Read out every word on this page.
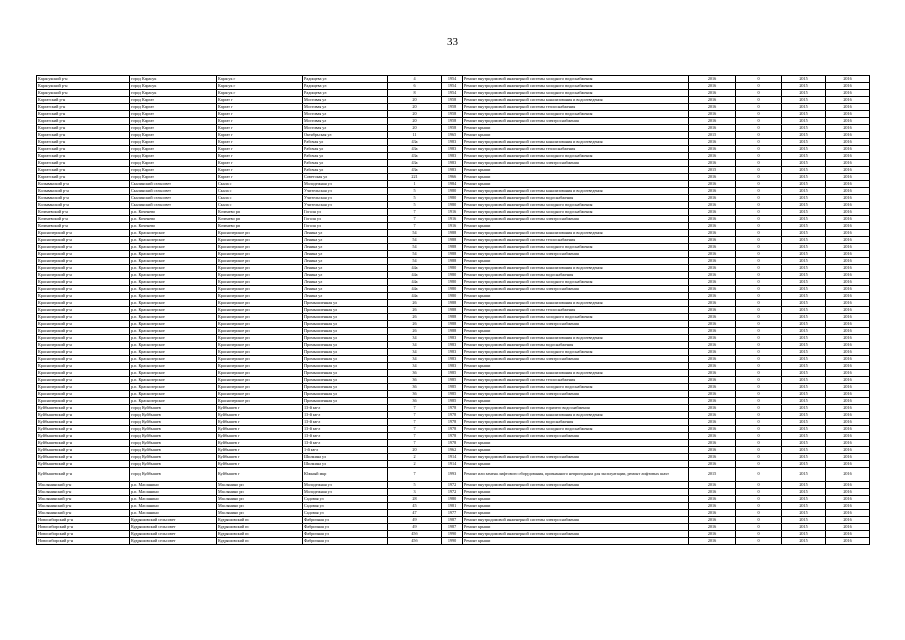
33
Карасукский р-н	город Карасук	Карасук г	Радищева ул	4	1954	Ремонт внутридомовой инженерной системы холодного водоснабжения	2016	0	2015	2016
Карасукский р-н	город Карасук	Карасук г	Радищева ул	6	1954	Ремонт внутридомовой инженерной системы холодного водоснабжения	2016	0	2015	2016
Карасукский р-н	город Карасук	Карасук г	Радищева ул	8	1954	Ремонт внутридомовой инженерной системы холодного водоснабжения	2016	0	2015	2016
Каргатский р-н	город Каргат	Каргат г	Мостовая ул	20	1958	Ремонт внутридомовой инженерной системы канализования и водоотведения	2016	0	2015	2016
Каргатский р-н	город Каргат	Каргат г	Мостовая ул	20	1958	Ремонт внутридомовой инженерной системы теплоснабжения	2016	0	2015	2016
Каргатский р-н	город Каргат	Каргат г	Мостовая ул	20	1958	Ремонт внутридомовой инженерной системы холодного водоснабжения	2016	0	2015	2016
Каргатский р-н	город Каргат	Каргат г	Мостовая ул	20	1958	Ремонт внутридомовой инженерной системы электроснабжения	2016	0	2015	2016
Каргатский р-н	город Каргат	Каргат г	Мостовая ул	20	1958	Ремонт крыши	2016	0	2015	2016
Каргатский р-н	город Каргат	Каргат г	Октябрьская ул	11	1965	Ремонт крыши	2015	0	2015	2016
Каргатский р-н	город Каргат	Каргат г	Рабочая ул	43а	1983	Ремонт внутридомовой инженерной системы канализования и водоотведения	2016	0	2015	2016
Каргатский р-н	город Каргат	Каргат г	Рабочая ул	43а	1983	Ремонт внутридомовой инженерной системы теплоснабжения	2016	0	2015	2016
Каргатский р-н	город Каргат	Каргат г	Рабочая ул	43а	1983	Ремонт внутридомовой инженерной системы холодного водоснабжения	2016	0	2015	2016
Каргатский р-н	город Каргат	Каргат г	Рабочая ул	43а	1983	Ремонт внутридомовой инженерной системы электроснабжения	2016	0	2015	2016
Каргатский р-н	город Каргат	Каргат г	Рабочая ул	43а	1983	Ремонт крыши	2015	0	2015	2016
Каргатский р-н	город Каргат	Каргат г	Советская ул	221	1966	Ремонт крыши	2016	0	2015	2016
Колыванский р-н	Скалинский сельсовет	Скала с	Молодежная ул	1	1984	Ремонт крыши	2016	0	2015	2016
Колыванский р-н	Скалинский сельсовет	Скала с	Учительская ул	5	1980	Ремонт внутридомовой инженерной системы канализования и водоотведения	2016	0	2015	2016
Колыванский р-н	Скалинский сельсовет	Скала с	Учительская ул	5	1980	Ремонт внутридомовой инженерной системы водоснабжения	2016	0	2015	2016
Колыванский р-н	Скалинский сельсовет	Скала с	Учительская ул	5	1980	Ремонт внутридомовой инженерной системы холодного водоснабжения	2016	0	2015	2016
Коченевский р-н	р.п. Коченево	Коченево рп	Гоголя ул	7	1916	Ремонт внутридомовой инженерной системы холодного водоснабжения	2016	0	2015	2016
Коченевский р-н	р.п. Коченево	Коченево рп	Гоголя ул	7	1916	Ремонт внутридомовой инженерной системы электроснабжения	2016	0	2015	2016
Коченевский р-н	р.п. Коченево	Коченево рп	Гоголя ул	7	1916	Ремонт крыши	2016	0	2015	2016
Краснозерский р-н	р.п. Краснозерское	Краснозерское рп	Ленина ул	54	1988	Ремонт внутридомовой инженерной системы канализования и водоотведения	2016	0	2015	2016
Краснозерский р-н	р.п. Краснозерское	Краснозерское рп	Ленина ул	54	1988	Ремонт внутридомовой инженерной системы теплоснабжения	2016	0	2015	2016
Краснозерский р-н	р.п. Краснозерское	Краснозерское рп	Ленина ул	54	1988	Ремонт внутридомовой инженерной системы холодного водоснабжения	2016	0	2015	2016
Краснозерский р-н	р.п. Краснозерское	Краснозерское рп	Ленина ул	54	1988	Ремонт внутридомовой инженерной системы электроснабжения	2016	0	2015	2016
Краснозерский р-н	р.п. Краснозерское	Краснозерское рп	Ленина ул	54	1988	Ремонт крыши	2016	0	2015	2016
Краснозерский р-н	р.п. Краснозерское	Краснозерское рп	Ленина ул	44а	1980	Ремонт внутридомовой инженерной системы канализования и водоотведения	2016	0	2015	2016
Краснозерский р-н	р.п. Краснозерское	Краснозерское рп	Ленина ул	44а	1980	Ремонт внутридомовой инженерной системы водоснабжения	2016	0	2015	2016
Краснозерский р-н	р.п. Краснозерское	Краснозерское рп	Ленина ул	44а	1980	Ремонт внутридомовой инженерной системы холодного водоснабжения	2016	0	2015	2016
Краснозерский р-н	р.п. Краснозерское	Краснозерское рп	Ленина ул	44а	1980	Ремонт внутридомовой инженерной системы электроснабжения	2016	0	2015	2016
Краснозерский р-н	р.п. Краснозерское	Краснозерское рп	Ленина ул	44а	1980	Ремонт крыши	2016	0	2015	2016
Краснозерский р-н	р.п. Краснозерское	Краснозерское рп	Промышленная ул	26	1988	Ремонт внутридомовой инженерной системы канализования и водоотведения	2016	0	2015	2016
Краснозерский р-н	р.п. Краснозерское	Краснозерское рп	Промышленная ул	26	1988	Ремонт внутридомовой инженерной системы теплоснабжения	2016	0	2015	2016
Краснозерский р-н	р.п. Краснозерское	Краснозерское рп	Промышленная ул	26	1988	Ремонт внутридомовой инженерной системы холодного водоснабжения	2016	0	2015	2016
Краснозерский р-н	р.п. Краснозерское	Краснозерское рп	Промышленная ул	26	1988	Ремонт внутридомовой инженерной системы электроснабжения	2016	0	2015	2016
Краснозерский р-н	р.п. Краснозерское	Краснозерское рп	Промышленная ул	26	1988	Ремонт крыши	2016	0	2015	2016
Краснозерский р-н	р.п. Краснозерское	Краснозерское рп	Промышленная ул	34	1983	Ремонт внутридомовой инженерной системы канализования и водоотведения	2016	0	2015	2016
Краснозерский р-н	р.п. Краснозерское	Краснозерское рп	Промышленная ул	34	1983	Ремонт внутридомовой инженерной системы водоснабжения	2016	0	2015	2016
Краснозерский р-н	р.п. Краснозерское	Краснозерское рп	Промышленная ул	34	1983	Ремонт внутридомовой инженерной системы холодного водоснабжения	2016	0	2015	2016
Краснозерский р-н	р.п. Краснозерское	Краснозерское рп	Промышленная ул	34	1983	Ремонт внутридомовой инженерной системы электроснабжения	2016	0	2015	2016
Краснозерский р-н	р.п. Краснозерское	Краснозерское рп	Промышленная ул	34	1983	Ремонт крыши	2016	0	2015	2016
Краснозерский р-н	р.п. Краснозерское	Краснозерское рп	Промышленная ул	36	1985	Ремонт внутридомовой инженерной системы канализования и водоотведения	2016	0	2015	2016
Краснозерский р-н	р.п. Краснозерское	Краснозерское рп	Промышленная ул	36	1985	Ремонт внутридомовой инженерной системы теплоснабжения	2016	0	2015	2016
Краснозерский р-н	р.п. Краснозерское	Краснозерское рп	Промышленная ул	36	1985	Ремонт внутридомовой инженерной системы холодного водоснабжения	2016	0	2015	2016
Краснозерский р-н	р.п. Краснозерское	Краснозерское рп	Промышленная ул	36	1985	Ремонт внутридомовой инженерной системы электроснабжения	2016	0	2015	2016
Краснозерский р-н	р.п. Краснозерское	Краснозерское рп	Промышленная ул	36	1985	Ремонт крыши	2016	0	2015	2016
Куйбышевский р-н	город Куйбышев	Куйбышев г	13-й кв-л	7	1978	Ремонт внутридомовой инженерной системы горячего водоснабжения	2016	0	2015	2016
Куйбышевский р-н	город Куйбышев	Куйбышев г	13-й кв-л	7	1978	Ремонт внутридомовой инженерной системы канализования и водоотведения	2016	0	2015	2016
Куйбышевский р-н	город Куйбышев	Куйбышев г	13-й кв-л	7	1978	Ремонт внутридомовой инженерной системы водоснабжения	2016	0	2015	2016
Куйбышевский р-н	город Куйбышев	Куйбышев г	13-й кв-л	7	1978	Ремонт внутридомовой инженерной системы холодного водоснабжения	2016	0	2015	2016
Куйбышевский р-н	город Куйбышев	Куйбышев г	13-й кв-л	7	1978	Ремонт внутридомовой инженерной системы электроснабжения	2016	0	2015	2016
Куйбышевский р-н	город Куйбышев	Куйбышев г	13-й кв-л	7	1978	Ремонт крыши	2016	0	2015	2016
Куйбышевский р-н	город Куйбышев	Куйбышев г	1-й кв-л	20	1962	Ремонт крыши	2016	0	2015	2016
Куйбышевский р-н	город Куйбышев	Куйбышев г	Шилкина ул	2	1914	Ремонт внутридомовой инженерной системы электроснабжения	2016	0	2015	2016
Куйбышевский р-н	город Куйбышев	Куйбышев г	Шилкина ул	2	1914	Ремонт крыши	2016	0	2015	2016
Куйбышевский р-н	город Куйбышев	Куйбышев г	Южный мкр	7	1993	Ремонт или замена лифтового оборудования, признанного непригодным для эксплуатации, ремонт лифтовых шахт	2015	0	2015	2016
Маслянинский р-н	р.п. Маслянино	Маслянино рп	Молодежная ул	5	1972	Ремонт внутридомовой инженерной системы электроснабжения	2016	0	2015	2016
Маслянинский р-н	р.п. Маслянино	Маслянино рп	Молодежная ул	3	1972	Ремонт крыши	2016	0	2015	2016
Маслянинский р-н	р.п. Маслянино	Маслянино рп	Садовая ул	28	1980	Ремонт крыши	2016	0	2015	2016
Маслянинский р-н	р.п. Маслянино	Маслянино рп	Садовая ул	45	1981	Ремонт крыши	2016	0	2015	2016
Маслянинский р-н	р.п. Маслянино	Маслянино рп	Садовая ул	47	1977	Ремонт крыши	2016	0	2015	2016
Новосибирский р-н	Кудряшовский сельсовет	Кудряшовский пс	Фабричная ул	49	1987	Ремонт внутридомовой инженерной системы электроснабжения	2016	0	2015	2016
Новосибирский р-н	Кудряшовский сельсовет	Кудряшовский пс	Фабричная ул	49	1987	Ремонт крыши	2016	0	2015	2016
Новосибирский р-н	Кудряшовский сельсовет	Кудряшовский пс	Фабричная ул	45б	1990	Ремонт внутридомовой инженерной системы электроснабжения	2016	0	2015	2016
Новосибирский р-н	Кудряшовский сельсовет	Кудряшовский пс	Фабричная ул	45б	1990	Ремонт крыши	2016	0	2015	2016
